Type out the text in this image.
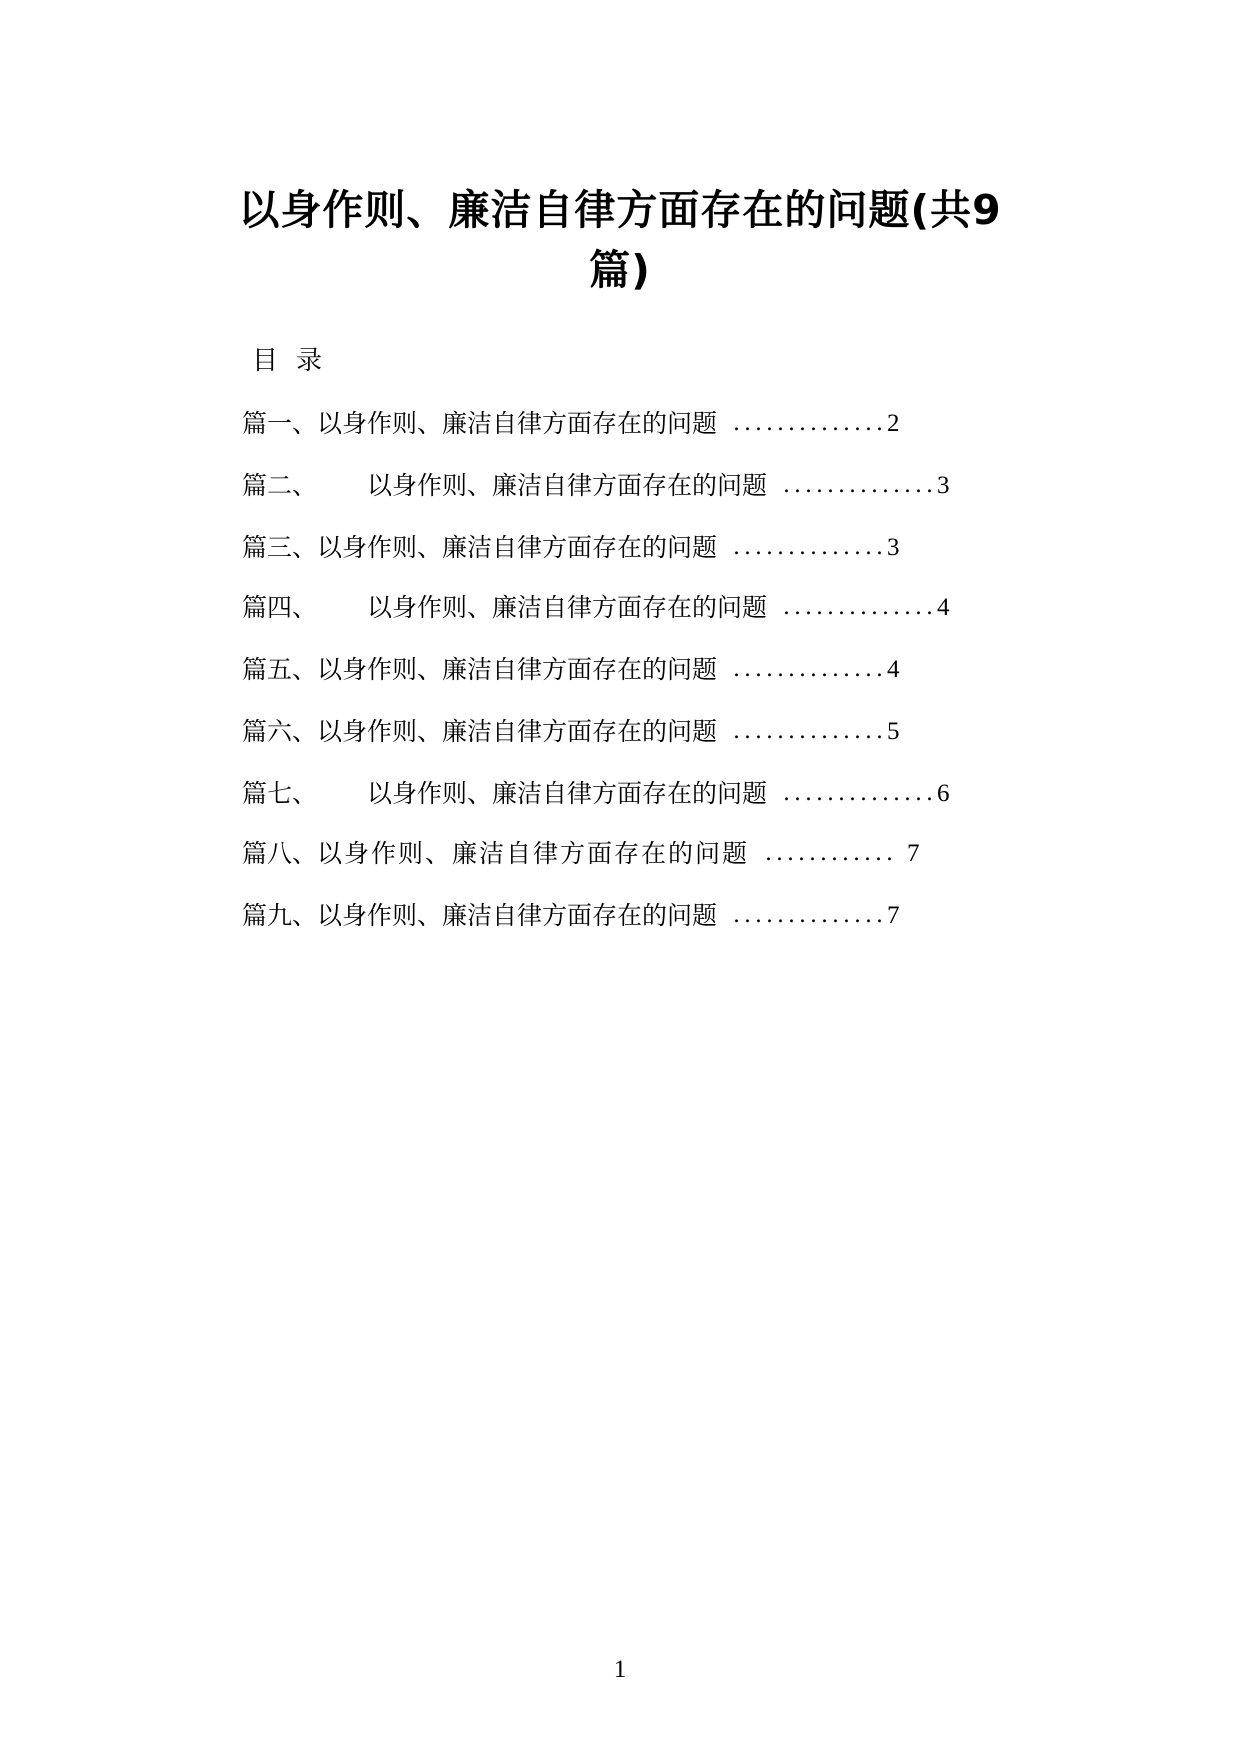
以身作则、廉洁自律方面存在的问题(共9
篇)
目录
篇一、 以身作则、廉洁自律方面存在的问题 .............. 2
篇二、 以身作则、廉洁自律方面存在的问题 .............. 3
篇三、 以身作则、廉洁自律方面存在的问题 .............. 3
篇四、 以身作则、廉洁自律方面存在的问题 .............. 4
篇五、 以身作则、廉洁自律方面存在的问题 .............. 4
篇六、 以身作则、廉洁自律方面存在的问题 .............. 5
篇七、 以身作则、廉洁自律方面存在的问题 .............. 6
篇八、 以身作则、廉洁自律方面存在的问题 ............ 7
篇九、 以身作则、廉洁自律方面存在的问题 .............. 7
1
